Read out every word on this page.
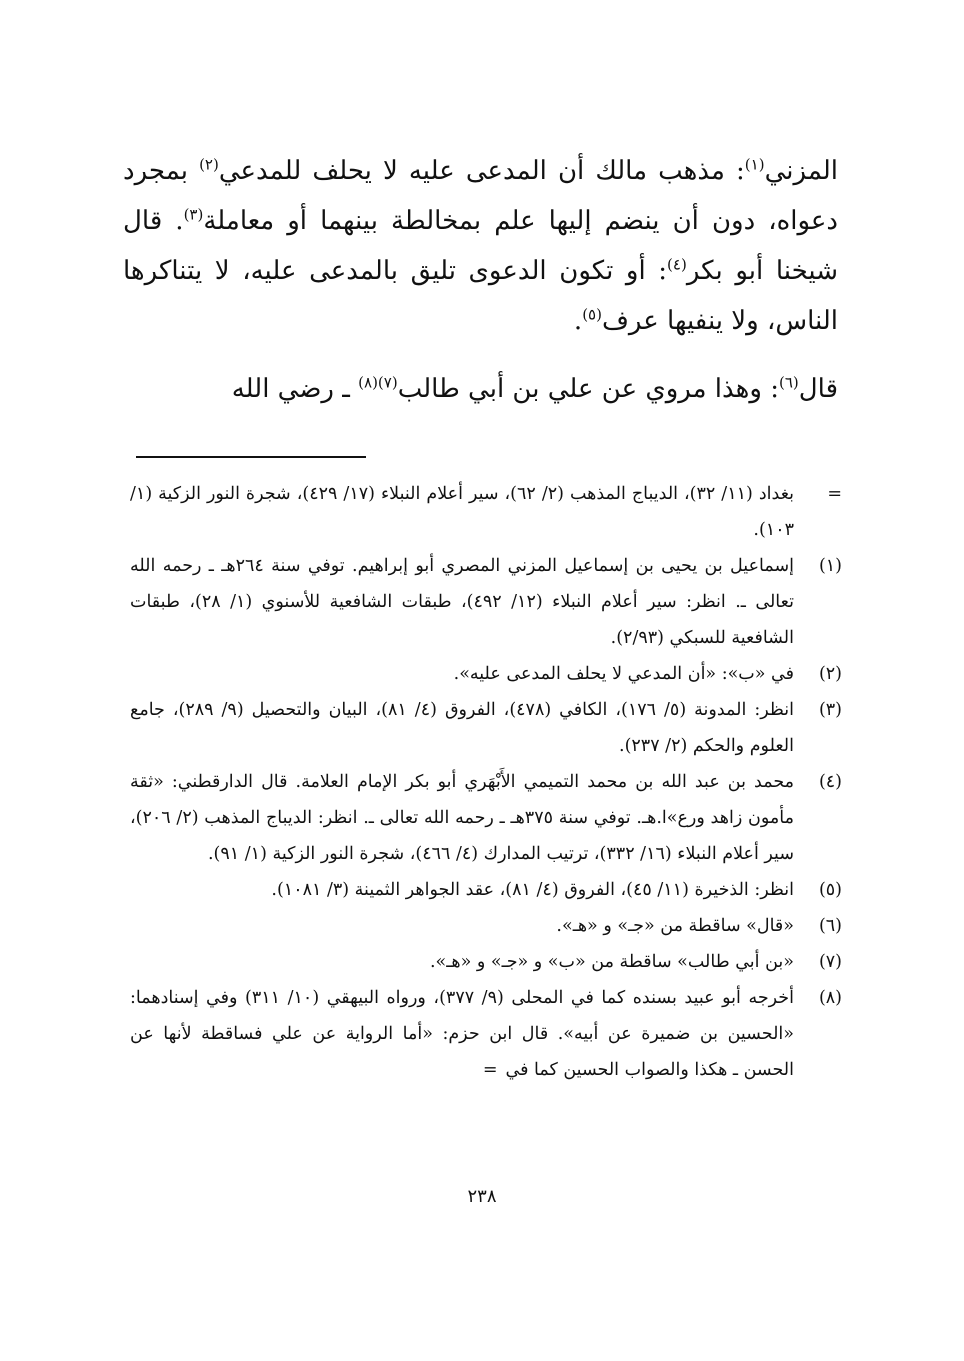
المزني$^{(١)}$: مذهب مالك أن المدعى عليه لا يحلف للمدعي$^{(٢)}$ بمجرد دعواه، دون أن ينضم إليها علم بمخالطة بينهما أو معاملة$^{(٣)}$. قال شيخنا أبو بكر$^{(٤)}$: أو تكون الدعوى تليق بالمدعى عليه، لا يتناكرها الناس، ولا ينفيها عرف$^{(٥)}$.

قال$^{(٦)}$: وهذا مروي عن علي بن أبي طالب$^{(٧)(٨)}$ ـ رضي الله

=
بغداد (١١/ ٣٢)، الديباج المذهب (٢/ ٦٢)، سير أعلام النبلاء (١٧/ ٤٢٩)، شجرة النور الزكية (١/ ١٠٣).
(١)
إسماعيل بن يحيى بن إسماعيل المزني المصري أبو إبراهيم. توفي سنة ٢٦٤هـ ـ رحمه الله تعالى ـ. انظر: سير أعلام النبلاء (١٢/ ٤٩٢)، طبقات الشافعية للأسنوي (١/ ٢٨)، طبقات الشافعية للسبكي (٢/٩٣).
(٢)
في «ب»: «أن المدعي لا يحلف المدعى عليه».
(٣)
انظر: المدونة (٥/ ١٧٦)، الكافي (٤٧٨)، الفروق (٤/ ٨١)، البيان والتحصيل (٩/ ٢٨٩)، جامع العلوم والحكم (٢/ ٢٣٧).
(٤)
محمد بن عبد الله بن محمد التميمي الأَبْهَري أبو بكر الإمام العلامة. قال الدارقطني: «ثقة مأمون زاهد ورع»ا.هـ. توفي سنة ٣٧٥هـ ـ رحمه الله تعالى ـ. انظر: الديباج المذهب (٢/ ٢٠٦)، سير أعلام النبلاء (١٦/ ٣٣٢)، ترتيب المدارك (٤/ ٤٦٦)، شجرة النور الزكية (١/ ٩١).
(٥)
انظر: الذخيرة (١١/ ٤٥)، الفروق (٤/ ٨١)، عقد الجواهر الثمينة (٣/ ١٠٨١).
(٦)
«قال» ساقطة من «جـ» و «هـ».
(٧)
«بن أبي طالب» ساقطة من «ب» و «جـ» و «هـ».
(٨)
أخرجه أبو عبيد بسنده كما في المحلى (٩/ ٣٧٧)، ورواه البيهقي (١٠/ ٣١١) وفي إسنادهما: «الحسين بن ضميرة عن أبيه». قال ابن حزم: «أما الرواية عن علي فساقطة لأنها عن الحسن ـ هكذا والصواب الحسين كما في=
٢٣٨
